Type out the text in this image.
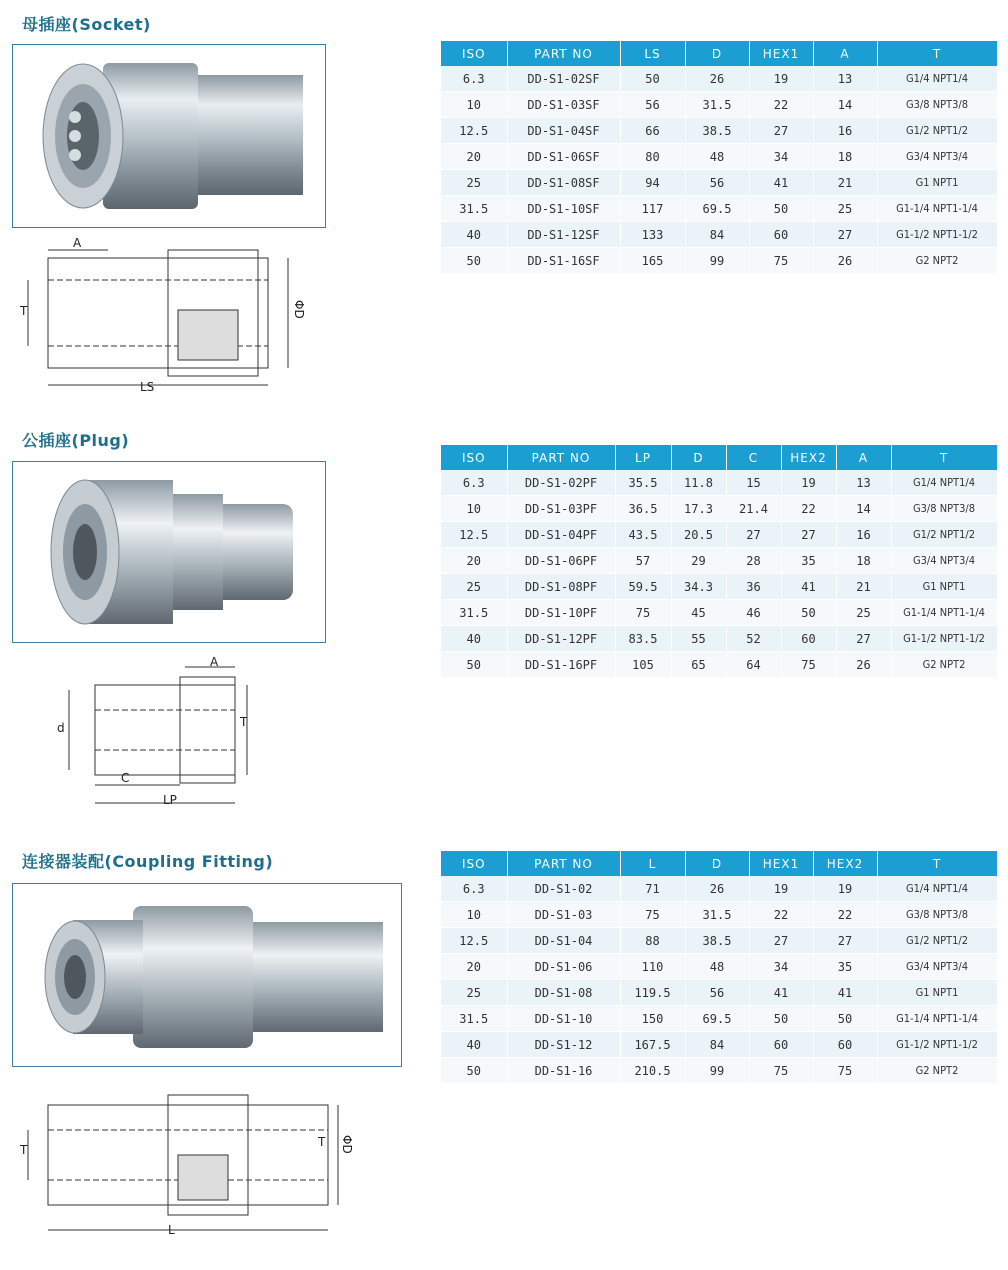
母插座(Socket)
A
T
LS
ΦD
ISO	PART NO	LS	D	HEX1	A	T
6.3	DD-S1-02SF	50	26	19	13	G1/4 NPT1/4
10	DD-S1-03SF	56	31.5	22	14	G3/8 NPT3/8
12.5	DD-S1-04SF	66	38.5	27	16	G1/2 NPT1/2
20	DD-S1-06SF	80	48	34	18	G3/4 NPT3/4
25	DD-S1-08SF	94	56	41	21	G1 NPT1
31.5	DD-S1-10SF	117	69.5	50	25	G1-1/4 NPT1-1/4
40	DD-S1-12SF	133	84	60	27	G1-1/2 NPT1-1/2
50	DD-S1-16SF	165	99	75	26	G2 NPT2
公插座(Plug)
A
T
d
C
LP
ISO	PART NO	LP	D	C	HEX2	A	T
6.3	DD-S1-02PF	35.5	11.8	15	19	13	G1/4 NPT1/4
10	DD-S1-03PF	36.5	17.3	21.4	22	14	G3/8 NPT3/8
12.5	DD-S1-04PF	43.5	20.5	27	27	16	G1/2 NPT1/2
20	DD-S1-06PF	57	29	28	35	18	G3/4 NPT3/4
25	DD-S1-08PF	59.5	34.3	36	41	21	G1 NPT1
31.5	DD-S1-10PF	75	45	46	50	25	G1-1/4 NPT1-1/4
40	DD-S1-12PF	83.5	55	52	60	27	G1-1/2 NPT1-1/2
50	DD-S1-16PF	105	65	64	75	26	G2 NPT2
连接器装配(Coupling Fitting)
T
T
L
ΦD
ISO	PART NO	L	D	HEX1	HEX2	T
6.3	DD-S1-02	71	26	19	19	G1/4 NPT1/4
10	DD-S1-03	75	31.5	22	22	G3/8 NPT3/8
12.5	DD-S1-04	88	38.5	27	27	G1/2 NPT1/2
20	DD-S1-06	110	48	34	35	G3/4 NPT3/4
25	DD-S1-08	119.5	56	41	41	G1 NPT1
31.5	DD-S1-10	150	69.5	50	50	G1-1/4 NPT1-1/4
40	DD-S1-12	167.5	84	60	60	G1-1/2 NPT1-1/2
50	DD-S1-16	210.5	99	75	75	G2 NPT2
